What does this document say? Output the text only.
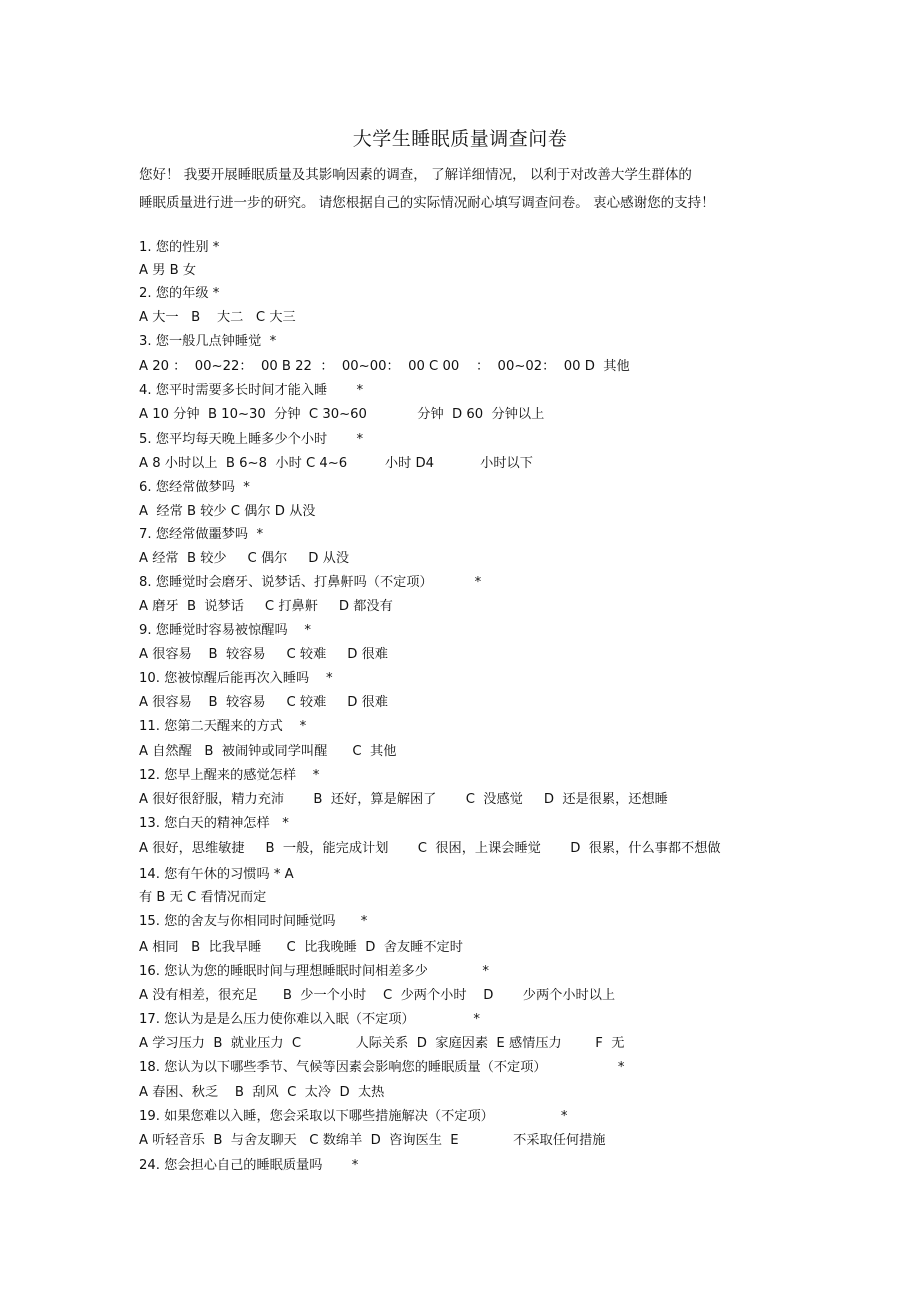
大学生睡眠质量调查问卷
您好！ 我要开展睡眠质量及其影响因素的调查， 了解详细情况， 以利于对改善大学生群体的
睡眠质量进行进一步的研究。 请您根据自己的实际情况耐心填写调查问卷。 衷心感谢您的支持！
1. 您的性别 *
A 男 B 女
2. 您的年级 *
A 大一   B    大二   C 大三
3. 您一般几点钟睡觉  *
A 20 ：  00~22：  00 B 22  ：  00~00：  00 C 00    ：  00~02：  00 D  其他
4. 您平时需要多长时间才能入睡       *
A 10 分钟  B 10~30  分钟  C 30~60            分钟  D 60  分钟以上
5. 您平均每天晚上睡多少个小时       *
A 8 小时以上  B 6~8  小时 C 4~6         小时 D4           小时以下
6. 您经常做梦吗  *
A  经常 B 较少 C 偶尔 D 从没
7. 您经常做噩梦吗  *
A 经常  B 较少     C 偶尔     D 从没
8. 您睡觉时会磨牙、说梦话、打鼻鼾吗（不定项）          *
A 磨牙  B  说梦话     C 打鼻鼾     D 都没有
9. 您睡觉时容易被惊醒吗    *
A 很容易    B  较容易     C 较难     D 很难
10. 您被惊醒后能再次入睡吗    *
A 很容易    B  较容易     C 较难     D 很难
11. 您第二天醒来的方式    *
A 自然醒   B  被闹钟或同学叫醒      C  其他
12. 您早上醒来的感觉怎样    *
A 很好很舒服，精力充沛       B  还好，算是解困了       C  没感觉     D  还是很累，还想睡
13. 您白天的精神怎样   *
A 很好，思维敏捷     B  一般，能完成计划       C  很困，上课会睡觉       D  很累，什么事都不想做
14. 您有午休的习惯吗 * A
有 B 无 C 看情况而定
15. 您的舍友与你相同时间睡觉吗      *
A 相同   B  比我早睡      C  比我晚睡  D  舍友睡不定时
16. 您认为您的睡眠时间与理想睡眠时间相差多少             *
A 没有相差，很充足      B  少一个小时    C  少两个小时    D       少两个小时以上
17. 您认为是是么压力使你难以入眠（不定项）              *
A 学习压力  B  就业压力  C             人际关系  D  家庭因素  E 感情压力        F  无
18. 您认为以下哪些季节、气候等因素会影响您的睡眠质量（不定项）                 *
A 春困、秋乏    B  刮风  C  太冷  D  太热
19. 如果您难以入睡，您会采取以下哪些措施解决（不定项）                *
A 听轻音乐  B  与舍友聊天   C 数绵羊  D  咨询医生  E             不采取任何措施
24. 您会担心自己的睡眠质量吗       *
